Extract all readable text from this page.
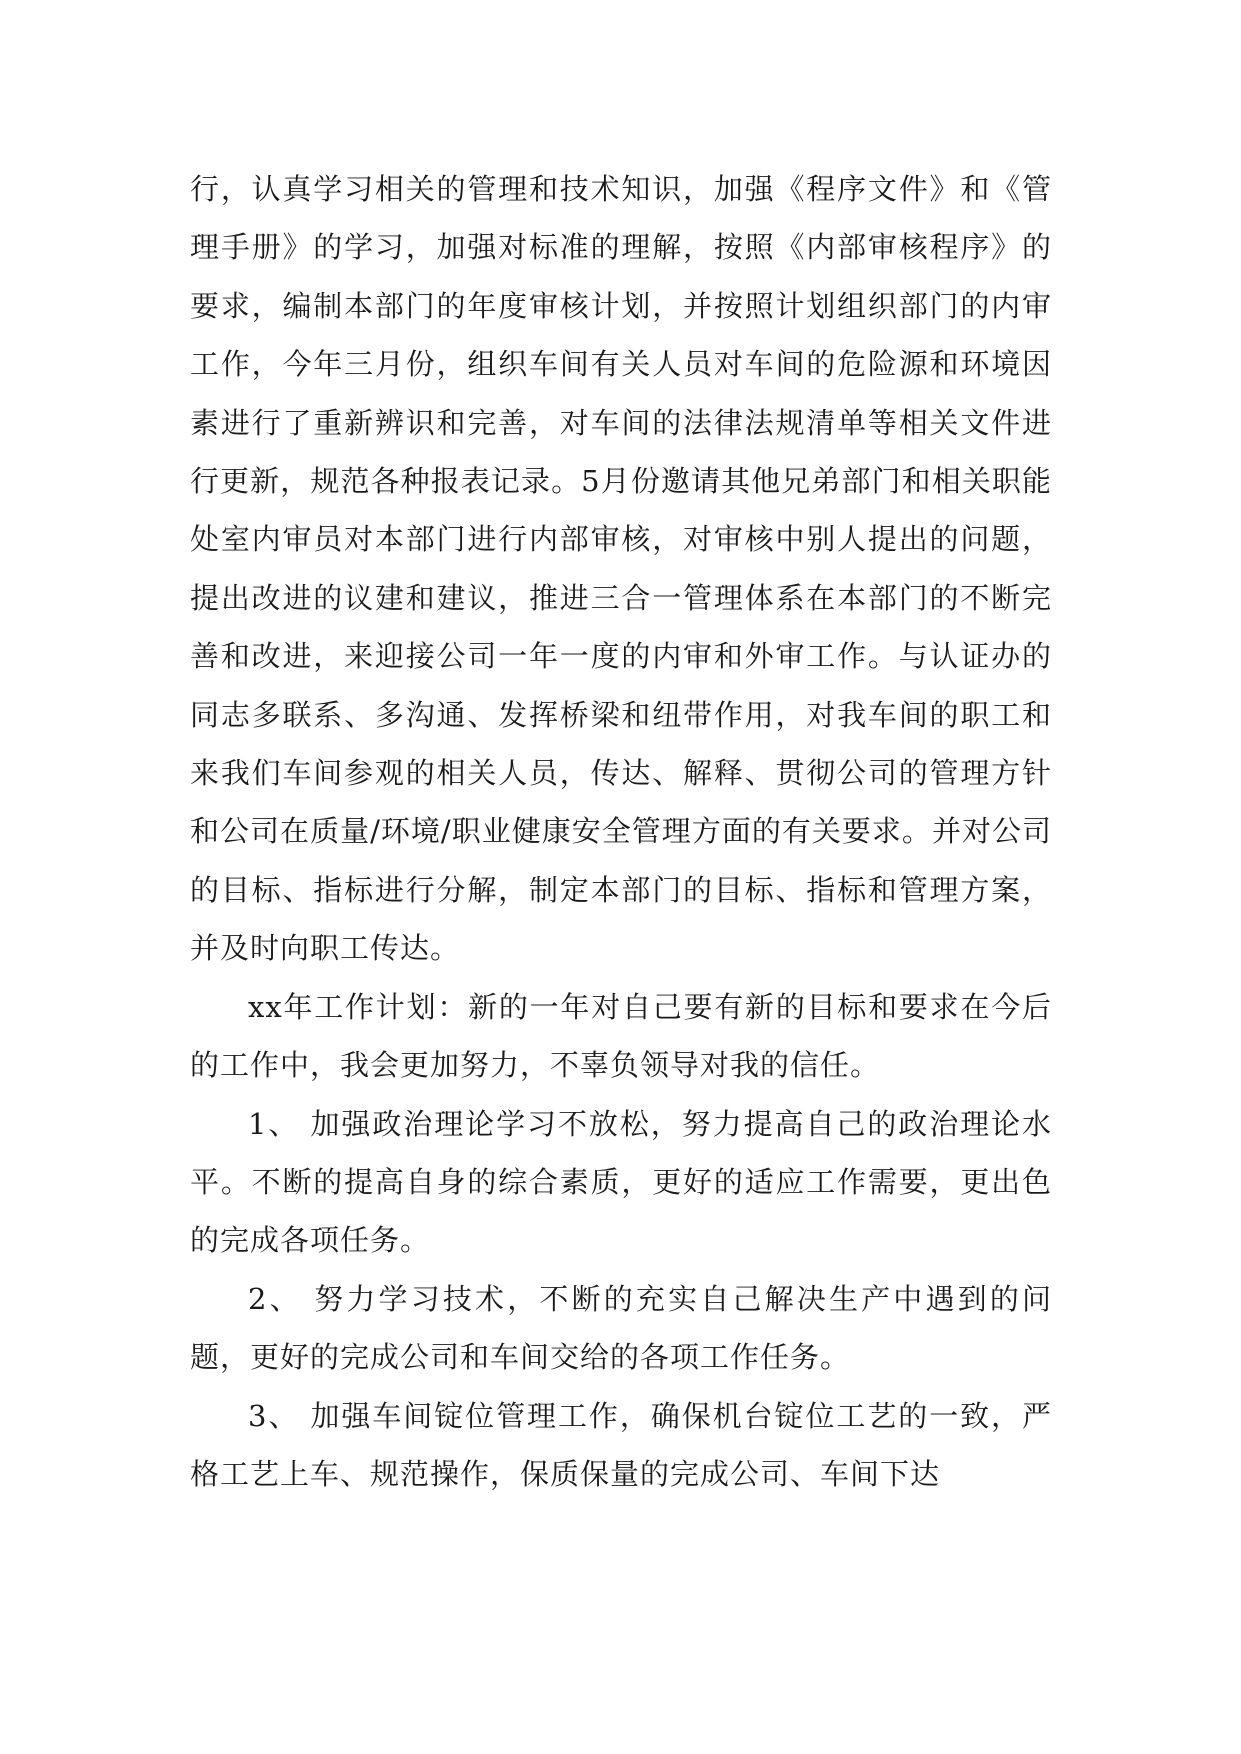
行，认真学习相关的管理和技术知识，加强《程序文件》和《管理手册》的学习，加强对标准的理解，按照《内部审核程序》的要求，编制本部门的年度审核计划，并按照计划组织部门的内审工作，今年三月份，组织车间有关人员对车间的危险源和环境因素进行了重新辨识和完善，对车间的法律法规清单等相关文件进行更新，规范各种报表记录。5月份邀请其他兄弟部门和相关职能处室内审员对本部门进行内部审核，对审核中别人提出的问题，提出改进的议建和建议，推进三合一管理体系在本部门的不断完善和改进，来迎接公司一年一度的内审和外审工作。与认证办的同志多联系、多沟通、发挥桥梁和纽带作用，对我车间的职工和来我们车间参观的相关人员，传达、解释、贯彻公司的管理方针和公司在质量/环境/职业健康安全管理方面的有关要求。并对公司的目标、指标进行分解，制定本部门的目标、指标和管理方案，并及时向职工传达。

xx年工作计划：新的一年对自己要有新的目标和要求在今后的工作中，我会更加努力，不辜负领导对我的信任。

1、 加强政治理论学习不放松，努力提高自己的政治理论水平。不断的提高自身的综合素质，更好的适应工作需要，更出色的完成各项任务。

2、 努力学习技术，不断的充实自己解决生产中遇到的问题，更好的完成公司和车间交给的各项工作任务。

3、 加强车间锭位管理工作，确保机台锭位工艺的一致，严格工艺上车、规范操作，保质保量的完成公司、车间下达
